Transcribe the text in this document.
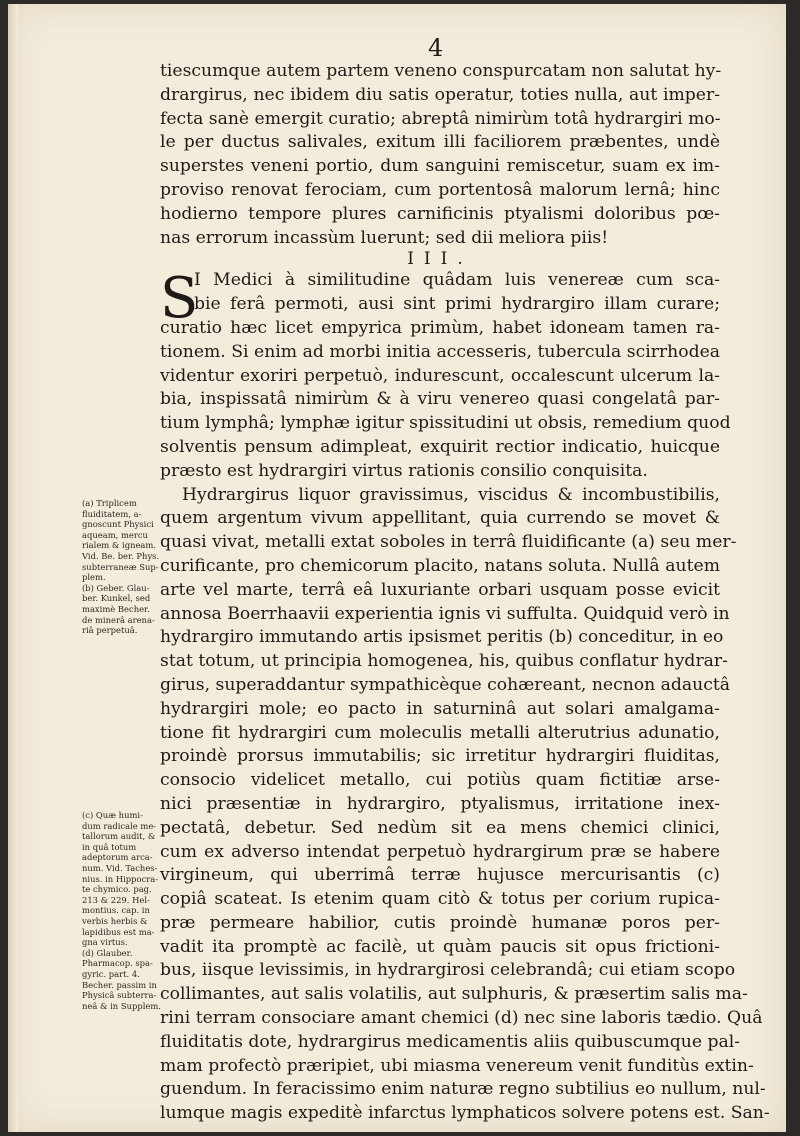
4
tiescumque autem partem veneno conspurcatam non salutat hy-
drargirus, nec ibidem diu satis operatur, toties nulla, aut imper-
fecta sanè emergit curatio; abreptâ nimirùm totâ hydrargiri mo-
le per ductus salivales, exitum illi faciliorem præbentes, undè
superstes veneni portio, dum sanguini remiscetur, suam ex im-
proviso renovat ferociam, cum portentosâ malorum lernâ; hinc
hodierno tempore plures carnificinis ptyalismi doloribus pœ-
nas errorum incassùm luerunt; sed dii meliora piis!
III.
S
I Medici à similitudine quâdam luis venereæ cum sca-
bie ferâ permoti, ausi sint primi hydrargiro illam curare;
curatio hæc licet empyrica primùm, habet idoneam tamen ra-
tionem. Si enim ad morbi initia accesseris, tubercula scirrhodea
videntur exoriri perpetuò, indurescunt, occalescunt ulcerum la-
bia, inspissatâ nimirùm & à viru venereo quasi congelatâ par-
tium lymphâ; lymphæ igitur spissitudini ut obsis, remedium quod
solventis pensum adimpleat, exquirit rectior indicatio, huicque
præsto est hydrargiri virtus rationis consilio conquisita.
Hydrargirus liquor gravissimus, viscidus & incombustibilis,
quem argentum vivum appellitant, quia currendo se movet &
quasi vivat, metalli extat soboles in terrâ fluidificante (a) seu mer-
curificante, pro chemicorum placito, natans soluta. Nullâ autem
arte vel marte, terrâ eâ luxuriante orbari usquam posse evicit
annosa Boerrhaavii experientia ignis vi suffulta. Quidquid verò in
hydrargiro immutando artis ipsismet peritis (b) conceditur, in eo
stat totum, ut principia homogenea, his, quibus conflatur hydrar-
girus, superaddantur sympathicèque cohæreant, necnon adauctâ
hydrargiri mole; eo pacto in saturninâ aut solari amalgama-
tione fit hydrargiri cum moleculis metalli alterutrius adunatio,
proindè prorsus immutabilis; sic irretitur hydrargiri fluiditas,
consocio videlicet metallo, cui potiùs quam fictitiæ arse-
nici præsentiæ in hydrargiro, ptyalismus, irritatione inex-
pectatâ, debetur. Sed nedùm sit ea mens chemici clinici,
cum ex adverso intendat perpetuò hydrargirum præ se habere
virgineum, qui uberrimâ terræ hujusce mercurisantis (c)
copiâ scateat. Is etenim quam citò & totus per corium rupica-
præ permeare habilior, cutis proindè humanæ poros per-
vadit ita promptè ac facilè, ut quàm paucis sit opus frictioni-
bus, iisque levissimis, in hydrargirosi celebrandâ; cui etiam scopo
collimantes, aut salis volatilis, aut sulphuris, & præsertim salis ma-
rini terram consociare amant chemici (d) nec sine laboris tædio. Quâ
fluiditatis dote, hydrargirus medicamentis aliis quibuscumque pal-
mam profectò præripiet, ubi miasma venereum venit funditùs extin-
guendum. In feracissimo enim naturæ regno subtilius eo nullum, nul-
lumque magis expeditè infarctus lymphaticos solvere potens est. San-
(a) Triplicem
fluiditatem, a-
gnoscunt Physici
aqueam, mercu
rialem & igneam.
Vid. Be. ber. Phys.
subterraneæ Sup-
plem.
(b) Geber. Glau-
ber. Kunkel, sed
maximè Becher.
de minerâ arena-
riâ perpetuâ.
(c) Quæ humi-
dum radicale me-
tallorum audit, &
in quâ totum
adeptorum arca-
num. Vid. Taches-
nius. in Hippocra-
te chymico. pag.
213 & 229. Hel-
montius. cap. in
verbis herbis &
lapidibus est ma-
gna virtus.
(d) Glauber.
Pharmacop. spa-
gyric. part. 4.
Becher. passim in
Physicâ subterra-
neâ & in Supplem.
